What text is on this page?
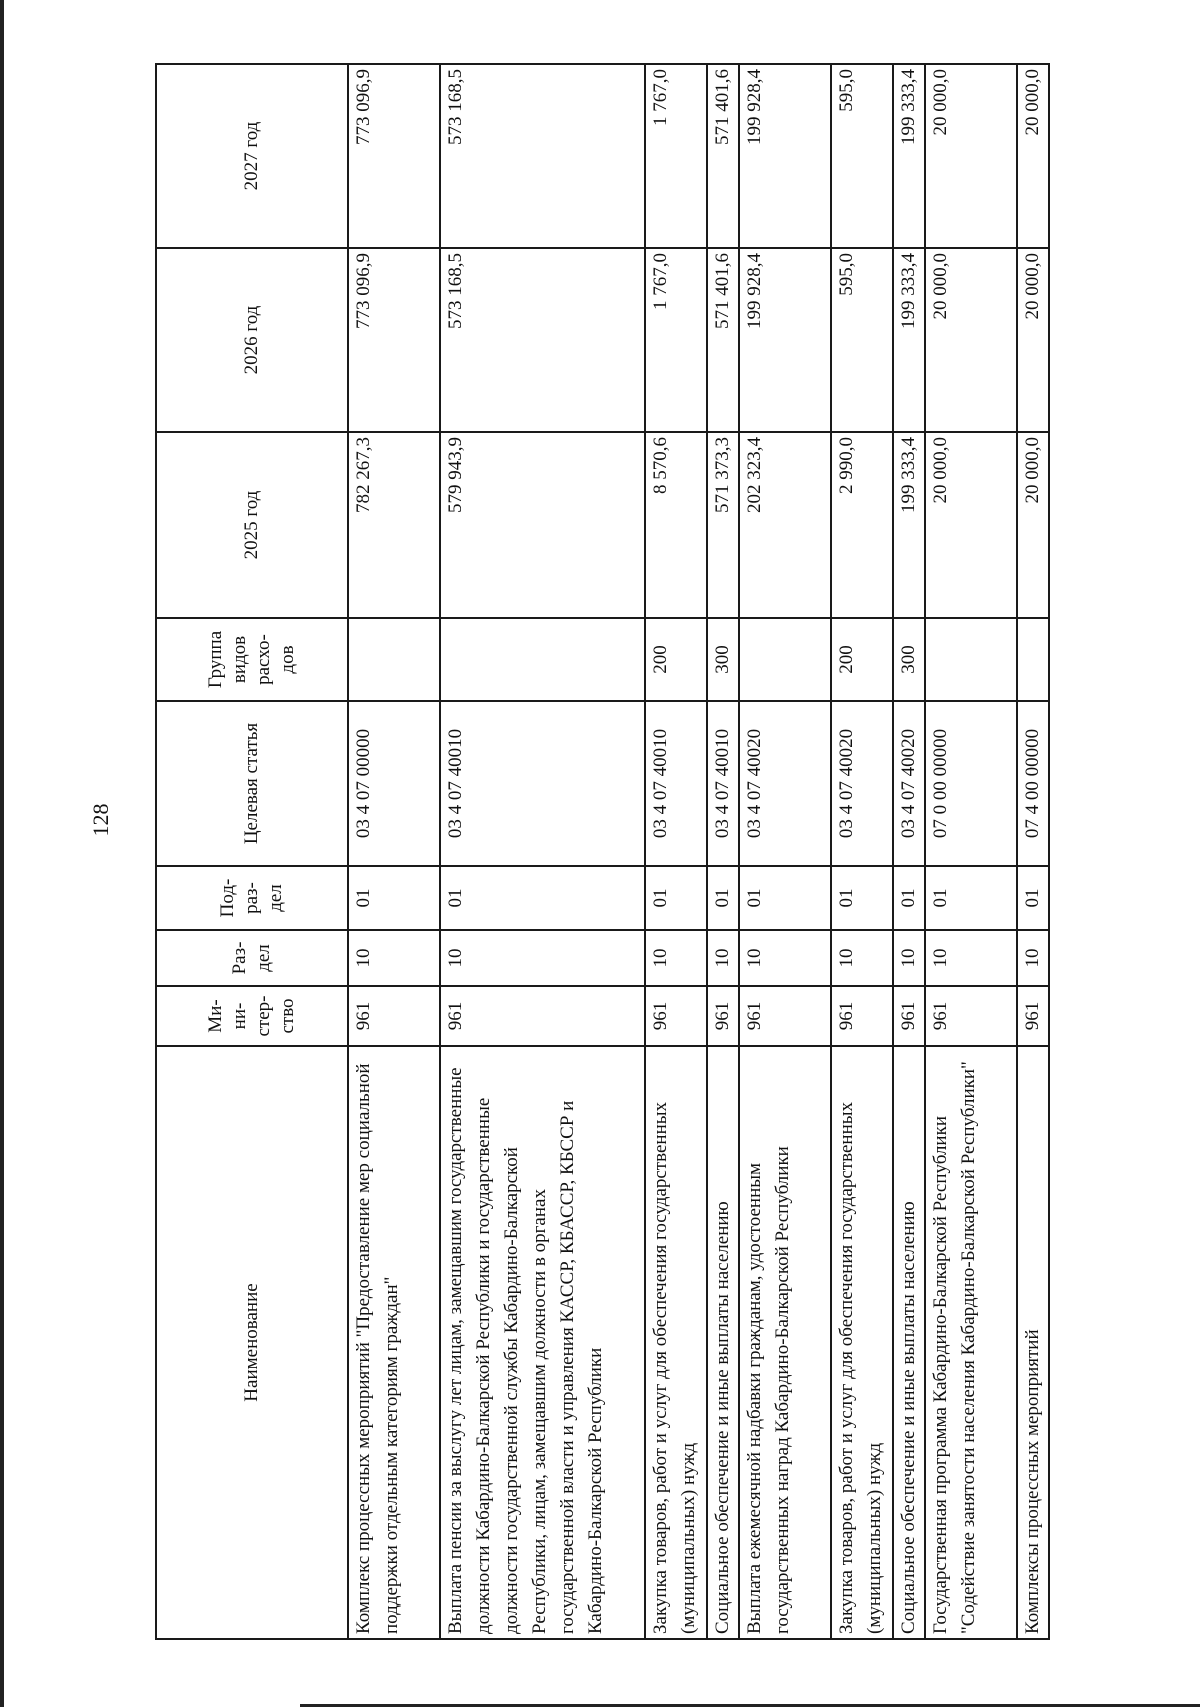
128
Наименование	Ми-ни-стер-ство	Раз-дел	Под-раз-дел	Целевая статья	Группа видов расхо-дов	2025 год	2026 год	2027 год
Комплекс процессных мероприятий "Предоставление мер социальной поддержки отдельным категориям граждан"	961	10	01	03 4 07 00000		782 267,3	773 096,9	773 096,9
Выплата пенсии за выслугу лет лицам, замещавшим государственные должности Кабардино-Балкарской Республики и государственные должности государственной службы Кабардино-Балкарской Республики, лицам, замещавшим должности в органах государственной власти и управления КАССР, КБАССР, КБССР и Кабардино-Балкарской Республики	961	10	01	03 4 07 40010		579 943,9	573 168,5	573 168,5
Закупка товаров, работ и услуг для обеспечения государственных (муниципальных) нужд	961	10	01	03 4 07 40010	200	8 570,6	1 767,0	1 767,0
Социальное обеспечение и иные выплаты населению	961	10	01	03 4 07 40010	300	571 373,3	571 401,6	571 401,6
Выплата ежемесячной надбавки гражданам, удостоенным государственных наград Кабардино-Балкарской Республики	961	10	01	03 4 07 40020		202 323,4	199 928,4	199 928,4
Закупка товаров, работ и услуг для обеспечения государственных (муниципальных) нужд	961	10	01	03 4 07 40020	200	2 990,0	595,0	595,0
Социальное обеспечение и иные выплаты населению	961	10	01	03 4 07 40020	300	199 333,4	199 333,4	199 333,4
Государственная программа Кабардино-Балкарской Республики "Содействие занятости населения Кабардино-Балкарской Республики"	961	10	01	07 0 00 00000		20 000,0	20 000,0	20 000,0
Комплексы процессных мероприятий	961	10	01	07 4 00 00000		20 000,0	20 000,0	20 000,0
